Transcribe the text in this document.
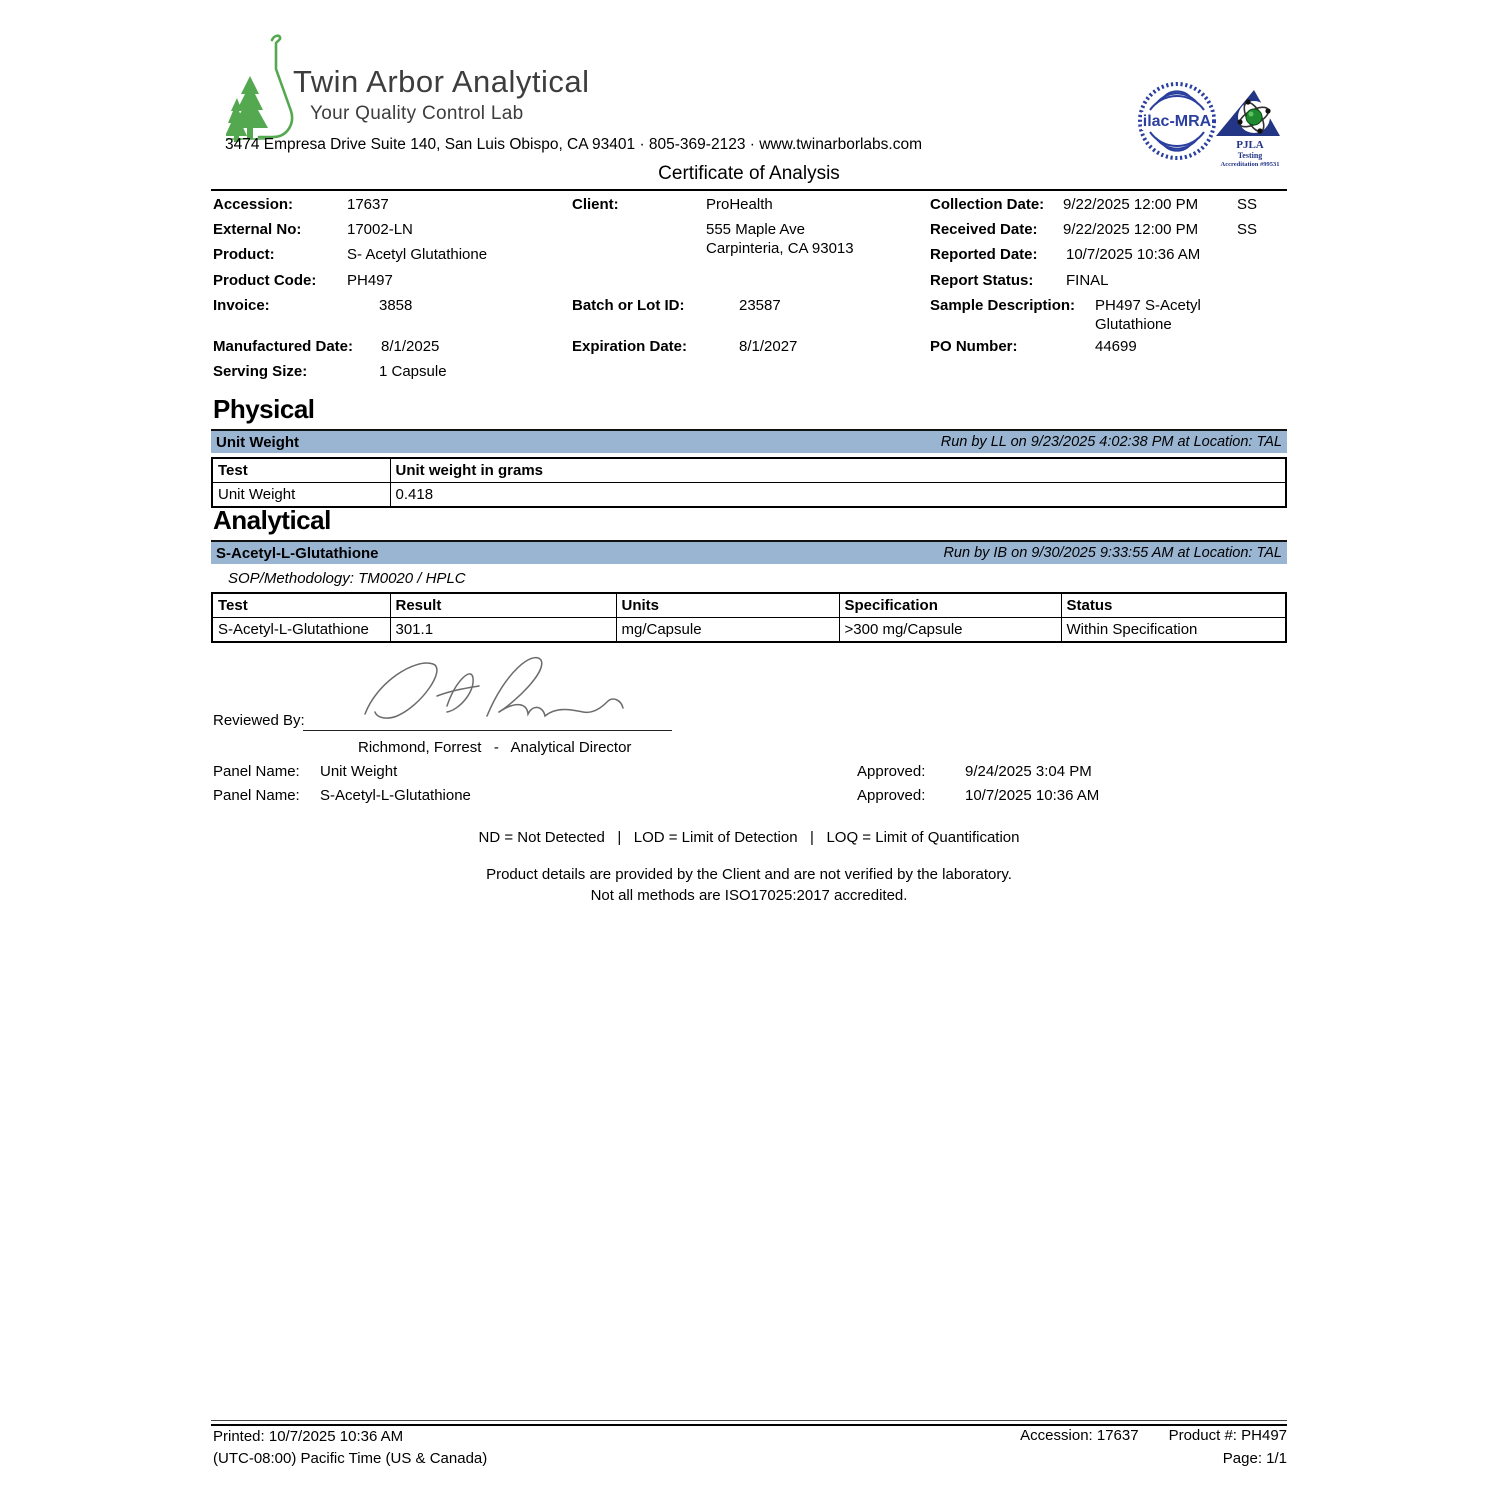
Twin Arbor Analytical
Your Quality Control Lab
3474 Empresa Drive Suite 140, San Luis Obispo, CA 93401 · 805-369-2123 · www.twinarborlabs.com
ilac-MRA
PJLA
Testing
Accreditation #99531
Certificate of Analysis
Accession:	17637
External No:	17002-LN
Product:	S- Acetyl Glutathione
Product Code: PH497
Invoice:	3858
Manufactured Date: 8/1/2025
Serving Size:	1 Capsule
Client:	ProHealth
555 Maple Ave
Carpinteria, CA 93013
Batch or Lot ID:	23587
Expiration Date:	8/1/2027
Collection Date: 9/22/2025 12:00 PM	SS
Received Date: 9/22/2025 12:00 PM	SS
Reported Date: 10/7/2025 10:36 AM
Report Status: FINAL
Sample Description: PH497 S-Acetyl Glutathione
PO Number:	44699
Physical
Unit Weight	Run by LL on 9/23/2025 4:02:38 PM at Location: TAL
Test	Unit weight in grams
Unit Weight	0.418
Analytical
S-Acetyl-L-Glutathione	Run by IB on 9/30/2025 9:33:55 AM at Location: TAL
SOP/Methodology: TM0020 / HPLC
Test	Result	Units	Specification	Status
S-Acetyl-L-Glutathione	301.1	mg/Capsule	>300 mg/Capsule	Within Specification
Reviewed By:
Richmond, Forrest   -   Analytical Director
Panel Name: Unit Weight	Approved:	9/24/2025 3:04 PM
Panel Name: S-Acetyl-L-Glutathione	Approved:	10/7/2025 10:36 AM
ND = Not Detected   |   LOD = Limit of Detection   |   LOQ = Limit of Quantification
Product details are provided by the Client and are not verified by the laboratory.
Not all methods are ISO17025:2017 accredited.
Printed: 10/7/2025 10:36 AM
(UTC-08:00) Pacific Time (US & Canada)
Accession: 17637 Product #: PH497
Page: 1/1
